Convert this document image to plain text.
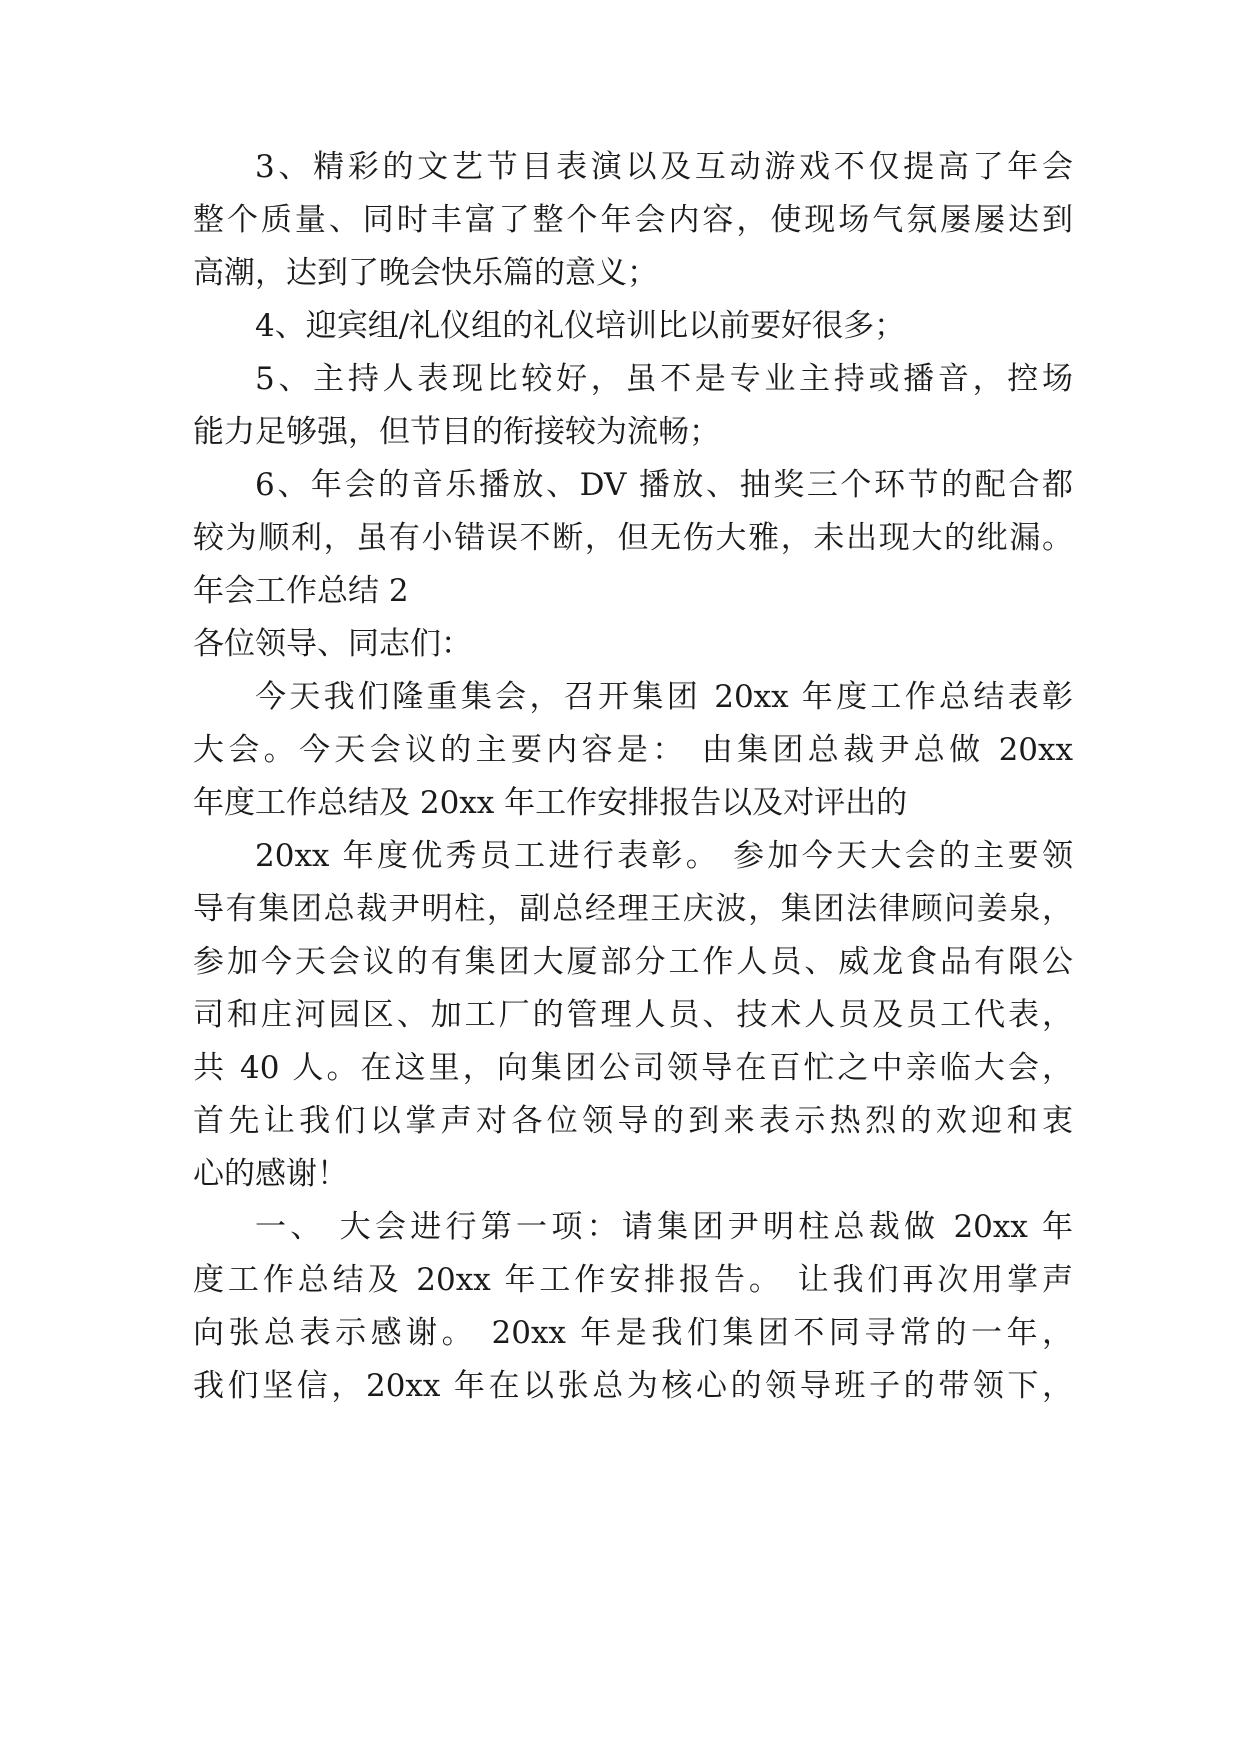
3、精彩的文艺节目表演以及互动游戏不仅提高了年会
整个质量、同时丰富了整个年会内容，使现场气氛屡屡达到
高潮，达到了晚会快乐篇的意义；
4、迎宾组/礼仪组的礼仪培训比以前要好很多；
5、主持人表现比较好，虽不是专业主持或播音，控场
能力足够强，但节目的衔接较为流畅；
6、年会的音乐播放、DV 播放、抽奖三个环节的配合都
较为顺利，虽有小错误不断，但无伤大雅，未出现大的纰漏。
年会工作总结 2
各位领导、同志们：
今天我们隆重集会，召开集团 20xx 年度工作总结表彰
大会。今天会议的主要内容是： 由集团总裁尹总做 20xx
年度工作总结及 20xx 年工作安排报告以及对评出的
20xx 年度优秀员工进行表彰。 参加今天大会的主要领
导有集团总裁尹明柱，副总经理王庆波，集团法律顾问姜泉，
参加今天会议的有集团大厦部分工作人员、威龙食品有限公
司和庄河园区、加工厂的管理人员、技术人员及员工代表，
共 40 人。在这里，向集团公司领导在百忙之中亲临大会，
首先让我们以掌声对各位领导的到来表示热烈的欢迎和衷
心的感谢！
一、 大会进行第一项：请集团尹明柱总裁做 20xx 年
度工作总结及 20xx 年工作安排报告。 让我们再次用掌声
向张总表示感谢。 20xx 年是我们集团不同寻常的一年，
我们坚信，20xx 年在以张总为核心的领导班子的带领下，
